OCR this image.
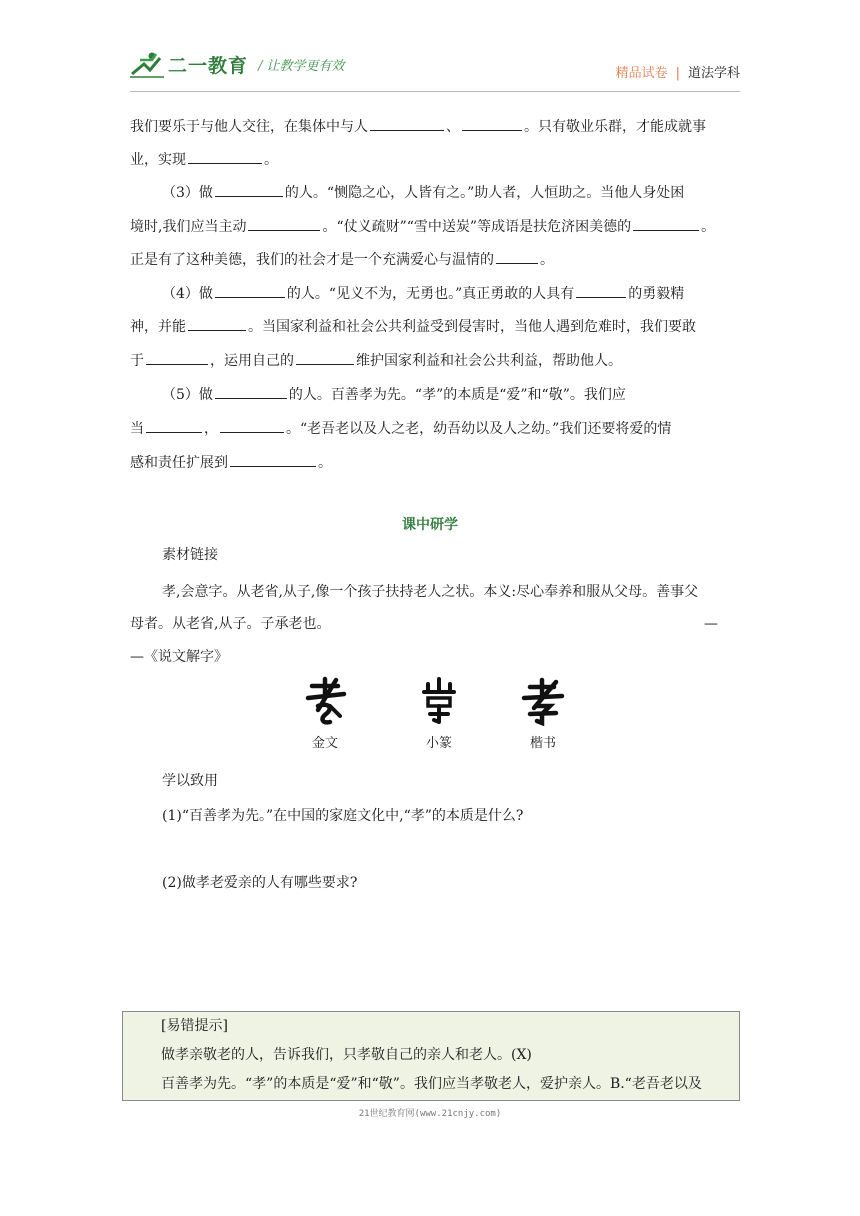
二一教育 / 让教学更有效	精品试卷 | 道法学科
我们要乐于与他人交往，在集体中与人	、	。只有敬业乐群，才能成就事
业，实现	。
（3）做	的人。“恻隐之心，人皆有之。”助人者，人恒助之。当他人身处困
境时,我们应当主动	。“仗义疏财”“雪中送炭”等成语是扶危济困美德的	。
正是有了这种美德，我们的社会才是一个充满爱心与温情的	。
（4）做	的人。“见义不为，无勇也。”真正勇敢的人具有	的勇毅精
神，并能	。当国家利益和社会公共利益受到侵害时，当他人遇到危难时，我们要敢
于	，运用自己的	维护国家利益和社会公共利益，帮助他人。
（5）做	的人。百善孝为先。“孝”的本质是“爱”和“敬”。我们应
当	，	。“老吾老以及人之老，幼吾幼以及人之幼。”我们还要将爱的情
感和责任扩展到	。
课中研学
素材链接
孝,会意字。从老省,从子,像一个孩子扶持老人之状。本义:尽心奉养和服从父母。善事父
母者。从老省,从子。子承老也。	—
—《说文解字》
金文	小篆	楷书
学以致用
(1)“百善孝为先。”在中国的家庭文化中,“孝”的本质是什么?
(2)做孝老爱亲的人有哪些要求?
[易错提示]
做孝亲敬老的人，告诉我们，只孝敬自己的亲人和老人。(X)
百善孝为先。“孝”的本质是“爱”和“敬”。我们应当孝敬老人，爱护亲人。B.“老吾老以及
21世纪教育网(www.21cnjy.com)
